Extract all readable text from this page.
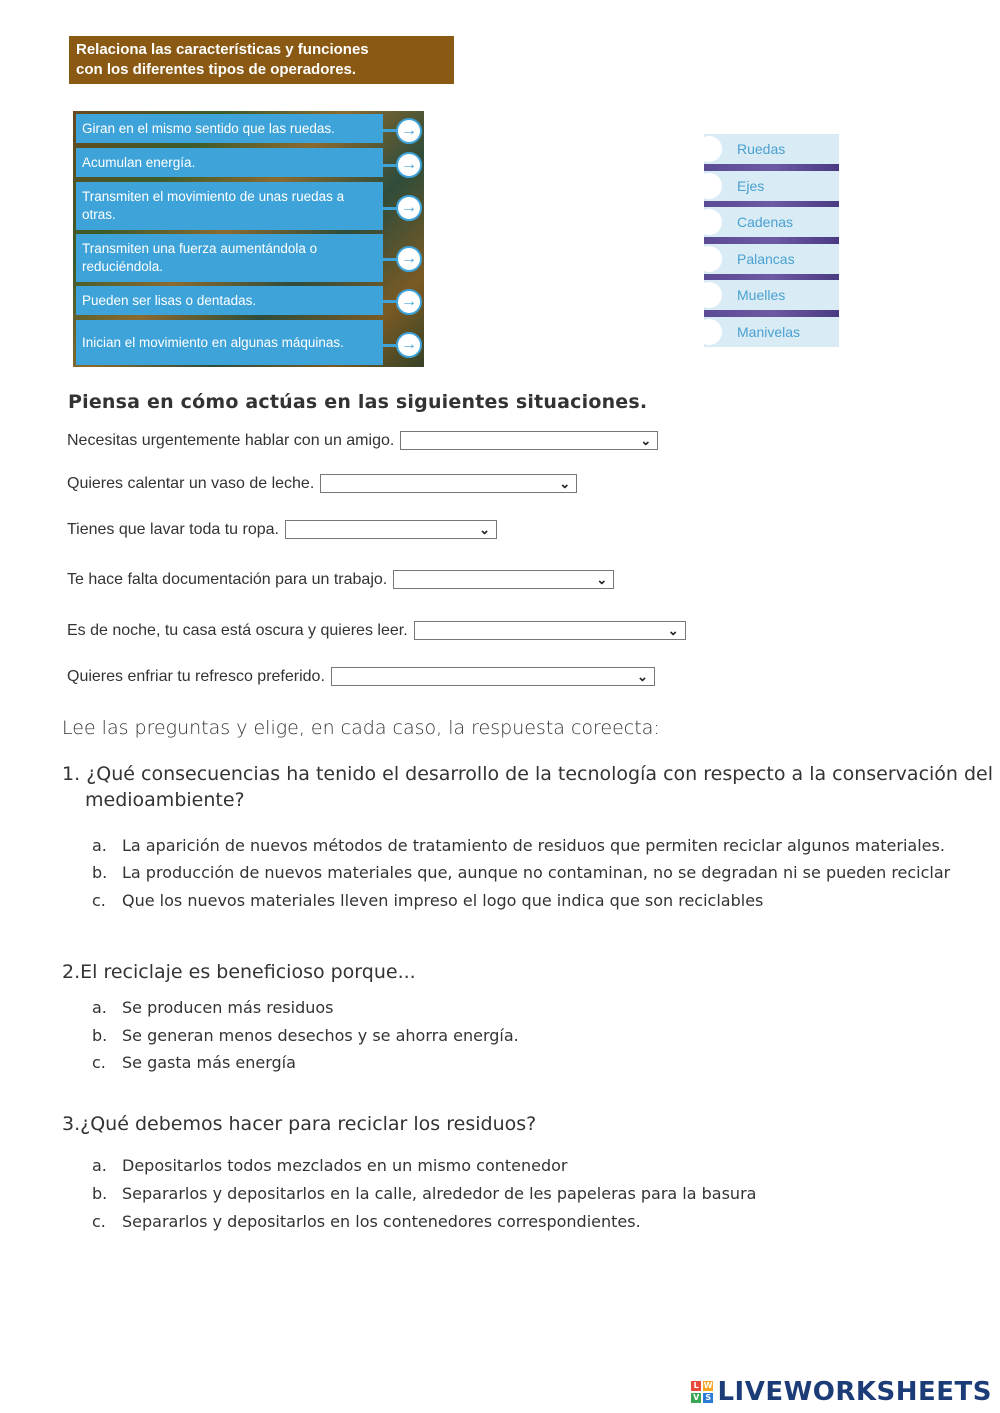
Relaciona las características y funciones
con los diferentes tipos de operadores.
Giran en el mismo sentido que las ruedas.	→
Acumulan energía.	→
Transmiten el movimiento de unas ruedas a otras.	→
Transmiten una fuerza aumentándola o reduciéndola.	→
Pueden ser lisas o dentadas.	→
Inician el movimiento en algunas máquinas.	→
Ruedas
Ejes
Cadenas
Palancas
Muelles
Manivelas
Piensa en cómo actúas en las siguientes situaciones.
Necesitas urgentemente hablar con un amigo.	⌄
Quieres calentar un vaso de leche.	⌄
Tienes que lavar toda tu ropa.	⌄
Te hace falta documentación para un trabajo.	⌄
Es de noche, tu casa está oscura y quieres leer.	⌄
Quieres enfriar tu refresco preferido.	⌄
Lee las preguntas y elige, en cada caso, la respuesta coreecta:
1. ¿Qué consecuencias ha tenido el desarrollo de la tecnología con respecto a la conservación del
medioambiente?
a. La aparición de nuevos métodos de tratamiento de residuos que permiten reciclar algunos materiales.
b. La producción de nuevos materiales que, aunque no contaminan, no se degradan ni se pueden reciclar
c.	Que los nuevos materiales lleven impreso el logo que indica que son reciclables
2.El reciclaje es beneficioso porque...
a. Se producen más residuos
b. Se generan menos desechos y se ahorra energía.
c.	Se gasta más energía
3.¿Qué debemos hacer para reciclar los residuos?
a. Depositarlos todos mezclados en un mismo contenedor
b. Separarlos y depositarlos en la calle, alrededor de les papeleras para la basura
c.	Separarlos y depositarlos en los contenedores correspondientes.
L W
V S LIVEWORKSHEETS
